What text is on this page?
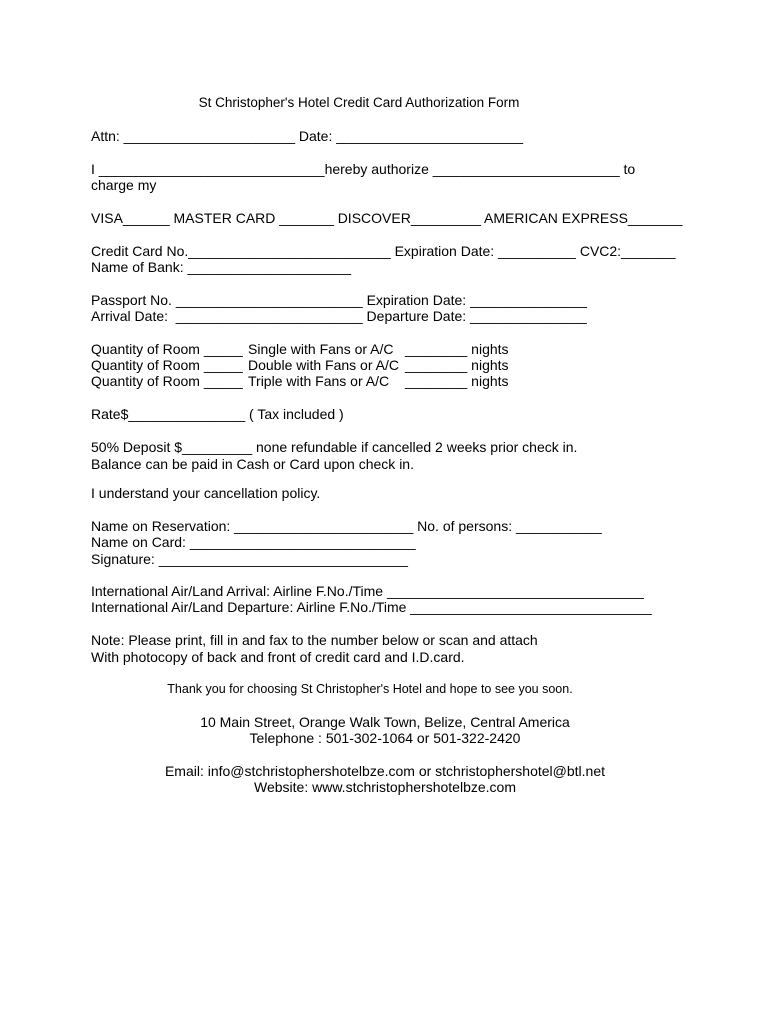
St Christopher's Hotel Credit Card Authorization Form
Attn: ______________________ Date: ________________________
I _____________________________hereby authorize ________________________ to
charge my
VISA______ MASTER CARD _______ DISCOVER_________ AMERICAN EXPRESS_______
Credit Card No.__________________________ Expiration Date: __________ CVC2:_______
Name of Bank: _____________________
Passport No. ________________________ Expiration Date: _______________
Arrival Date:  ________________________ Departure Date: _______________
Quantity of Room _____ Single with Fans or A/C ________ nights
Quantity of Room _____ Double with Fans or A/C ________ nights
Quantity of Room _____ Triple with Fans or A/C ________ nights
Rate$_______________ ( Tax included )
50% Deposit $_________ none refundable if cancelled 2 weeks prior check in.
Balance can be paid in Cash or Card upon check in.
I understand your cancellation policy.
Name on Reservation: _______________________ No. of persons: ___________
Name on Card: _____________________________
Signature: ________________________________
International Air/Land Arrival: Airline F.No./Time _________________________________
International Air/Land Departure: Airline F.No./Time _______________________________
Note: Please print, fill in and fax to the number below or scan and attach
With photocopy of back and front of credit card and I.D.card.
Thank you for choosing St Christopher's Hotel and hope to see you soon.
10 Main Street, Orange Walk Town, Belize, Central America
Telephone : 501-302-1064 or 501-322-2420
Email: info@stchristophershotelbze.com or stchristophershotel@btl.net
Website: www.stchristophershotelbze.com
